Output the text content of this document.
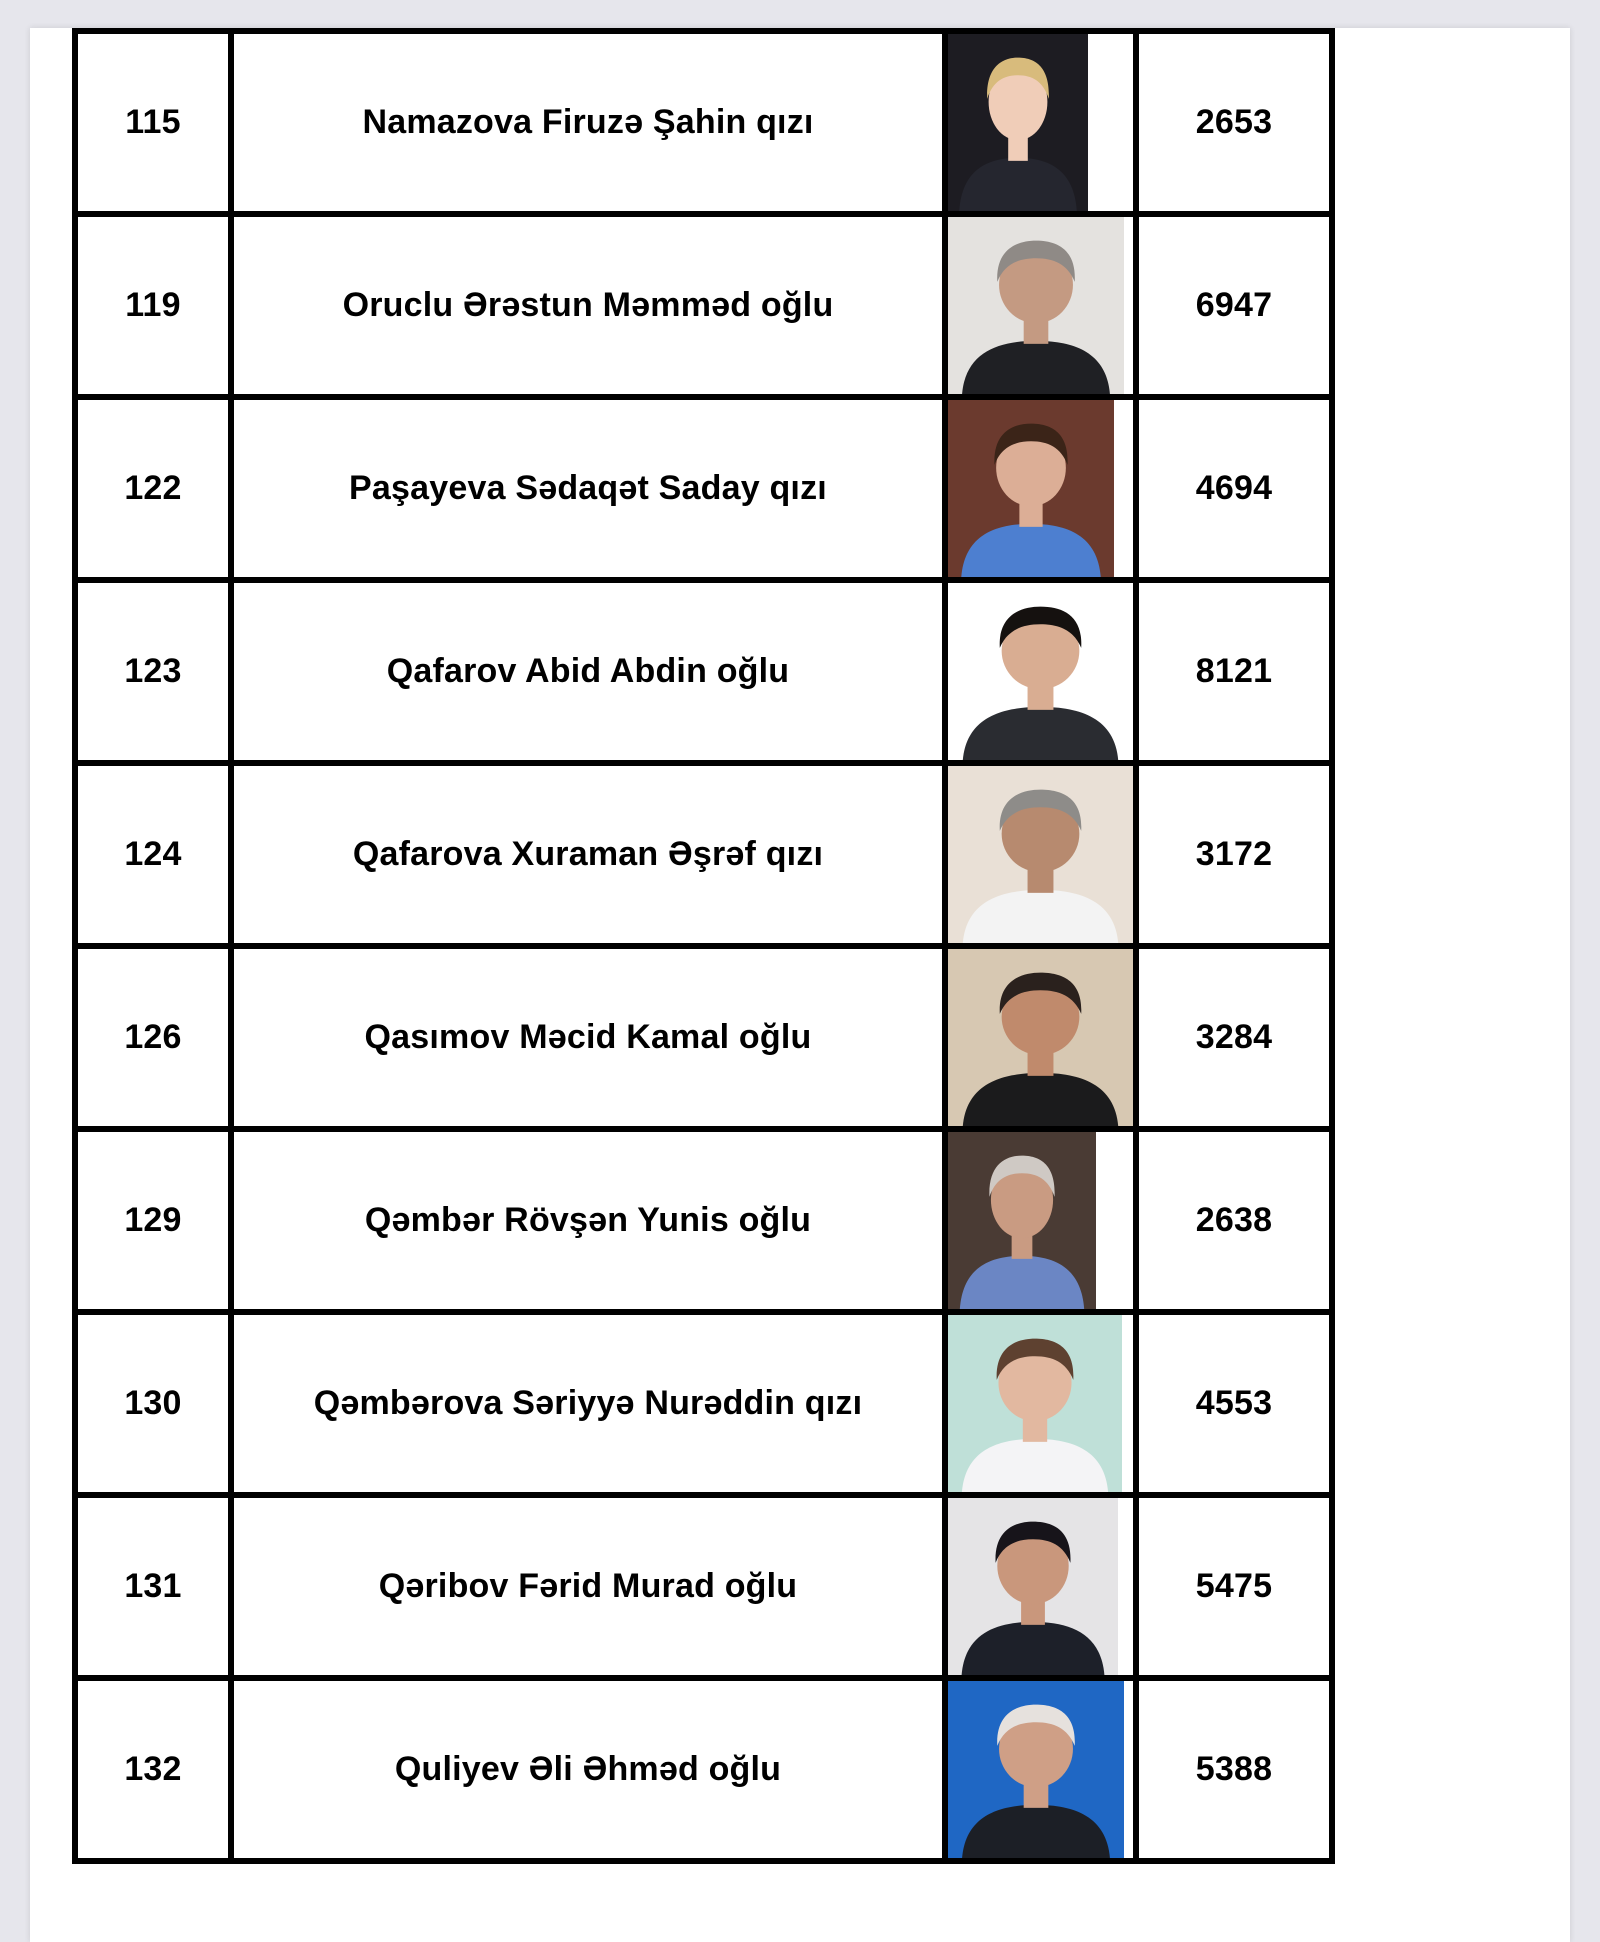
115	Namazova Firuzə Şahin qızı		2653
119	Oruclu Ərəstun Məmməd oğlu		6947
122	Paşayeva Sədaqət Saday qızı		4694
123	Qafarov Abid Abdin oğlu		8121
124	Qafarova Xuraman Əşrəf qızı		3172
126	Qasımov Məcid Kamal oğlu		3284
129	Qəmbər Rövşən Yunis oğlu		2638
130	Qəmbərova Səriyyə Nurəddin qızı		4553
131	Qəribov Fərid Murad oğlu		5475
132	Quliyev Əli Əhməd oğlu		5388
